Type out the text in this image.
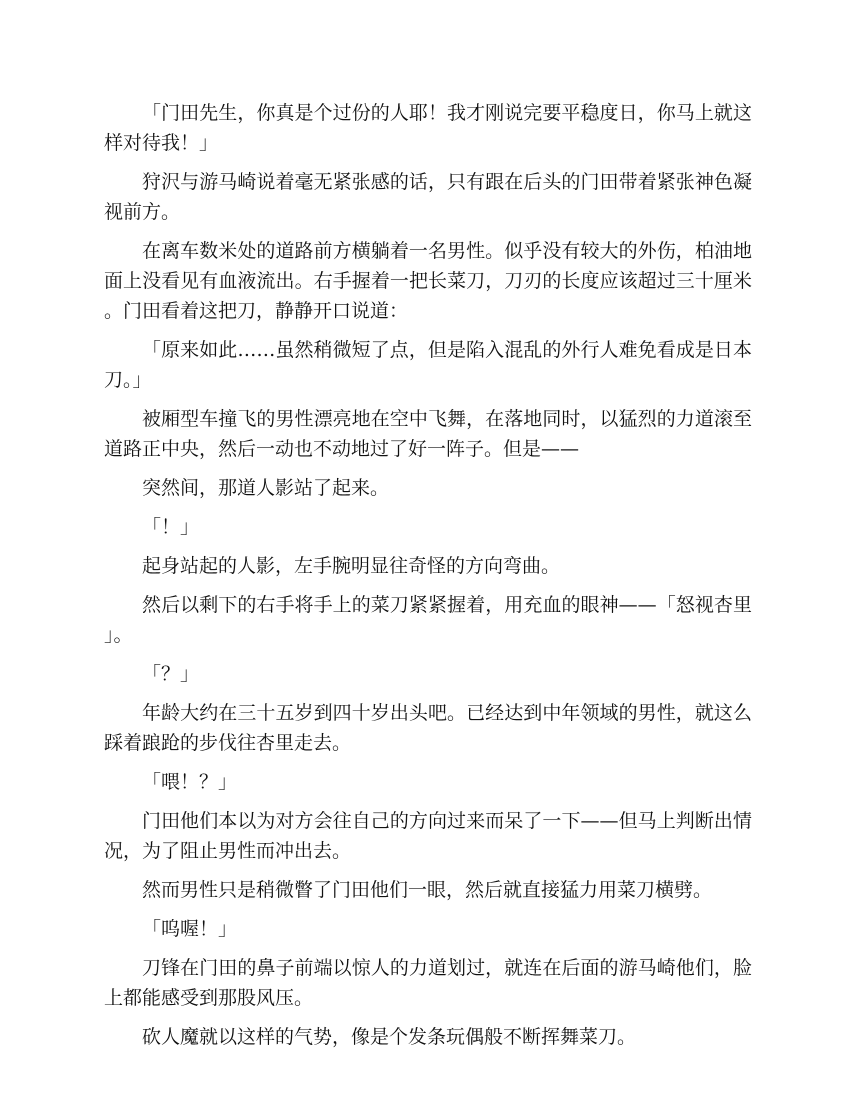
「门田先生，你真是个过份的人耶！我才刚说完要平稳度日，你马上就这样对待我！」

狩沢与游马崎说着毫无紧张感的话，只有跟在后头的门田带着紧张神色凝视前方。

在离车数米处的道路前方横躺着一名男性。似乎没有较大的外伤，柏油地面上没看见有血液流出。右手握着一把长菜刀，刀刃的长度应该超过三十厘米。门田看着这把刀，静静开口说道：

「原来如此……虽然稍微短了点，但是陷入混乱的外行人难免看成是日本刀。」

被厢型车撞飞的男性漂亮地在空中飞舞，在落地同时，以猛烈的力道滚至道路正中央，然后一动也不动地过了好一阵子。但是——

突然间，那道人影站了起来。

「！」

起身站起的人影，左手腕明显往奇怪的方向弯曲。

然后以剩下的右手将手上的菜刀紧紧握着，用充血的眼神——「怒视杏里」。

「？」

年龄大约在三十五岁到四十岁出头吧。已经达到中年领域的男性，就这么踩着踉跄的步伐往杏里走去。

「喂！？」

门田他们本以为对方会往自己的方向过来而呆了一下——但马上判断出情况，为了阻止男性而冲出去。

然而男性只是稍微瞥了门田他们一眼，然后就直接猛力用菜刀横劈。

「呜喔！」

刀锋在门田的鼻子前端以惊人的力道划过，就连在后面的游马崎他们，脸上都能感受到那股风压。

砍人魔就以这样的气势，像是个发条玩偶般不断挥舞菜刀。
